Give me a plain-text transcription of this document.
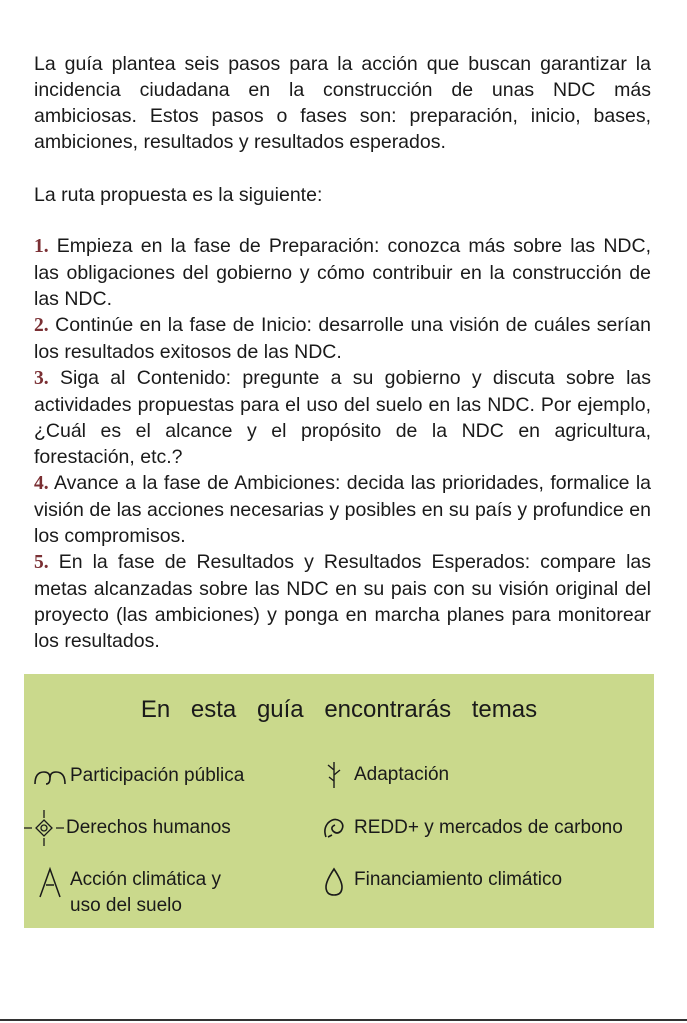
La guía plantea seis pasos para la acción que buscan garantizar la incidencia ciudadana en la construcción de unas NDC más ambiciosas. Estos pasos o fases son: preparación, inicio, bases, ambiciones, resultados y resultados esperados.

La ruta propuesta es la siguiente:

1. Empieza en la fase de Preparación: conozca más sobre las NDC, las obligaciones del gobierno y cómo contribuir en la construcción de las NDC.

2. Continúe en la fase de Inicio: desarrolle una visión de cuáles serían los resultados exitosos de las NDC.

3. Siga al Contenido: pregunte a su gobierno y discuta sobre las actividades propuestas para el uso del suelo en las NDC. Por ejemplo, ¿Cuál es el alcance y el propósito de la NDC en agricultura, forestación, etc.?

4. Avance a la fase de Ambiciones: decida las prioridades, formalice la visión de las acciones necesarias y posibles en su país y profundice en los compromisos.

5. En la fase de Resultados y Resultados Esperados: compare las metas alcanzadas sobre las NDC en su pais con su visión original del proyecto (las ambiciones) y ponga en marcha planes para monitorear los resultados.

En esta guía encontrarás temas
Participación pública	Adaptación
Derechos humanos	REDD+ y mercados de carbono
Acción climática y
uso del suelo
Financiamiento climático
